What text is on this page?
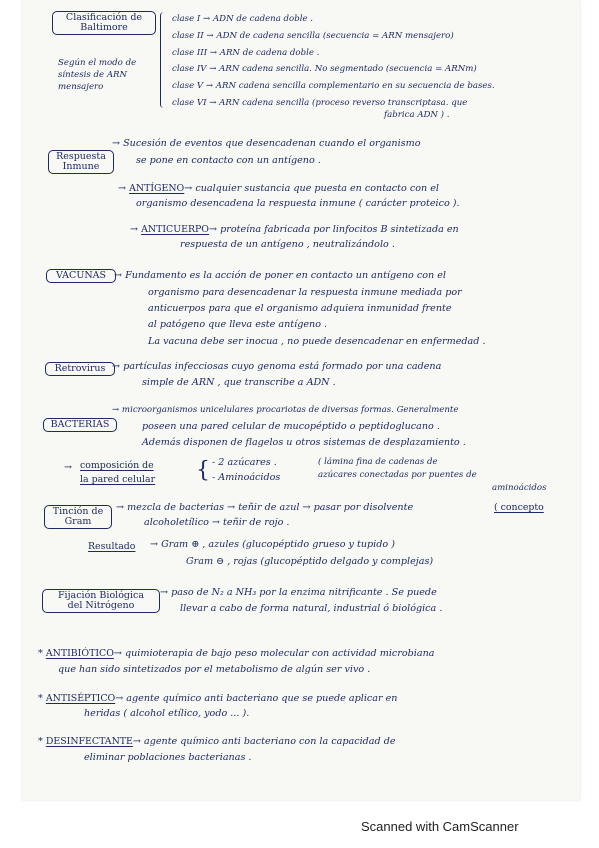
Clasificación de
Baltimore
Según el modo de
síntesis de ARN
mensajero
clase I → ADN de cadena doble .
clase II → ADN de cadena sencilla (secuencia = ARN mensajero)
clase III → ARN de cadena doble .
clase IV → ARN cadena sencilla. No segmentado (secuencia = ARNm)
clase V → ARN cadena sencilla complementario en su secuencia de bases.
clase VI → ARN cadena sencilla (proceso reverso transcriptasa. que
fabrica ADN ) .
Respuesta
Inmune
→ Sucesión de eventos que desencadenan cuando el organismo
se pone en contacto con un antígeno .
→ ANTÍGENO→ cualquier sustancia que puesta en contacto con el
organismo desencadena la respuesta inmune ( carácter proteico ).
→ ANTICUERPO→ proteína fabricada por linfocitos B sintetizada en
respuesta de un antígeno , neutralizándolo .
VACUNAS → Fundamento es la acción de poner en contacto un antígeno con el
organismo para desencadenar la respuesta inmune mediada por
anticuerpos para que el organismo adquiera inmunidad frente
al patógeno que lleva este antígeno .
La vacuna debe ser inocua , no puede desencadenar en enfermedad .
Retrovirus → partículas infecciosas cuyo genoma está formado por una cadena
simple de ARN , que transcribe a ADN .
BACTERIAS
→ microorganismos unicelulares procariotas de diversas formas. Generalmente
poseen una pared celular de mucopéptido o peptidoglucano .
Además disponen de flagelos u otros sistemas de desplazamiento .
→ composición de
la pared celular { - 2 azúcares .
- Aminoácidos
( lámina fina de cadenas de
azúcares conectadas por puentes de
aminoácidos
Tinción de
Gram
→ mezcla de bacterias → teñir de azul → pasar por disolvente	( concepto
alcoholetílico → teñir de rojo .
Resultado → Gram ⊕ , azules (glucopéptido grueso y tupido )
Gram ⊖ , rojas (glucopéptido delgado y complejas)
Fijación Biológica
del Nitrógeno
→ paso de N₂ a NH₃ por la enzima nitrificante . Se puede
llevar a cabo de forma natural, industrial ó biológica .
* ANTIBIÓTICO→ quimioterapia de bajo peso molecular con actividad microbiana
que han sido sintetizados por el metabolismo de algún ser vivo .
* ANTISÉPTICO→ agente químico anti bacteriano que se puede aplicar en
heridas ( alcohol etílico, yodo ... ).
* DESINFECTANTE→ agente químico anti bacteriano con la capacidad de
eliminar poblaciones bacterianas .
Scanned with CamScanner
